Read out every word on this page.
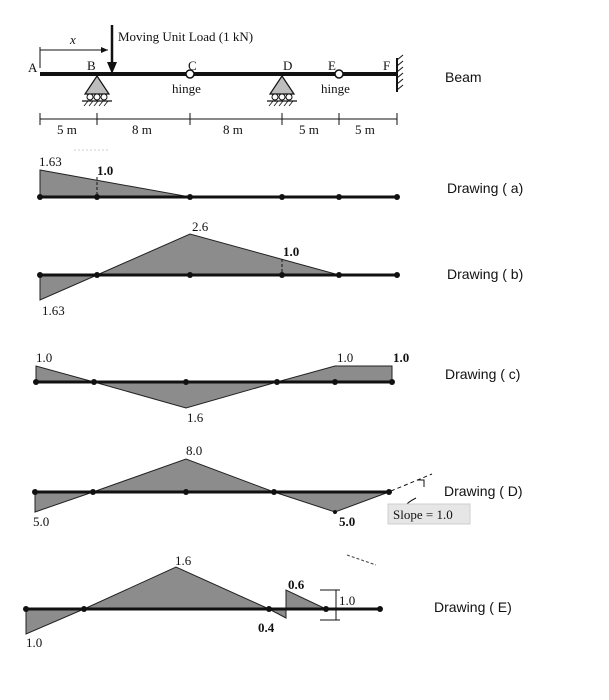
x	Moving Unit Load (1 kN)
A	B	C	D	E	F
hinge	hinge
5 m	8 m	8 m	5 m	5 m
Beam
1.63
1.0
Drawing ( a)
2.6
1.0
1.63
Drawing ( b)
1.0	1.0	1.0
1.6
Drawing ( c)
Slope = 1.0
8.0
5.0	5.0
Drawing ( D)
1.6
0.6
1.0
0.4
1.0
Drawing ( E)
